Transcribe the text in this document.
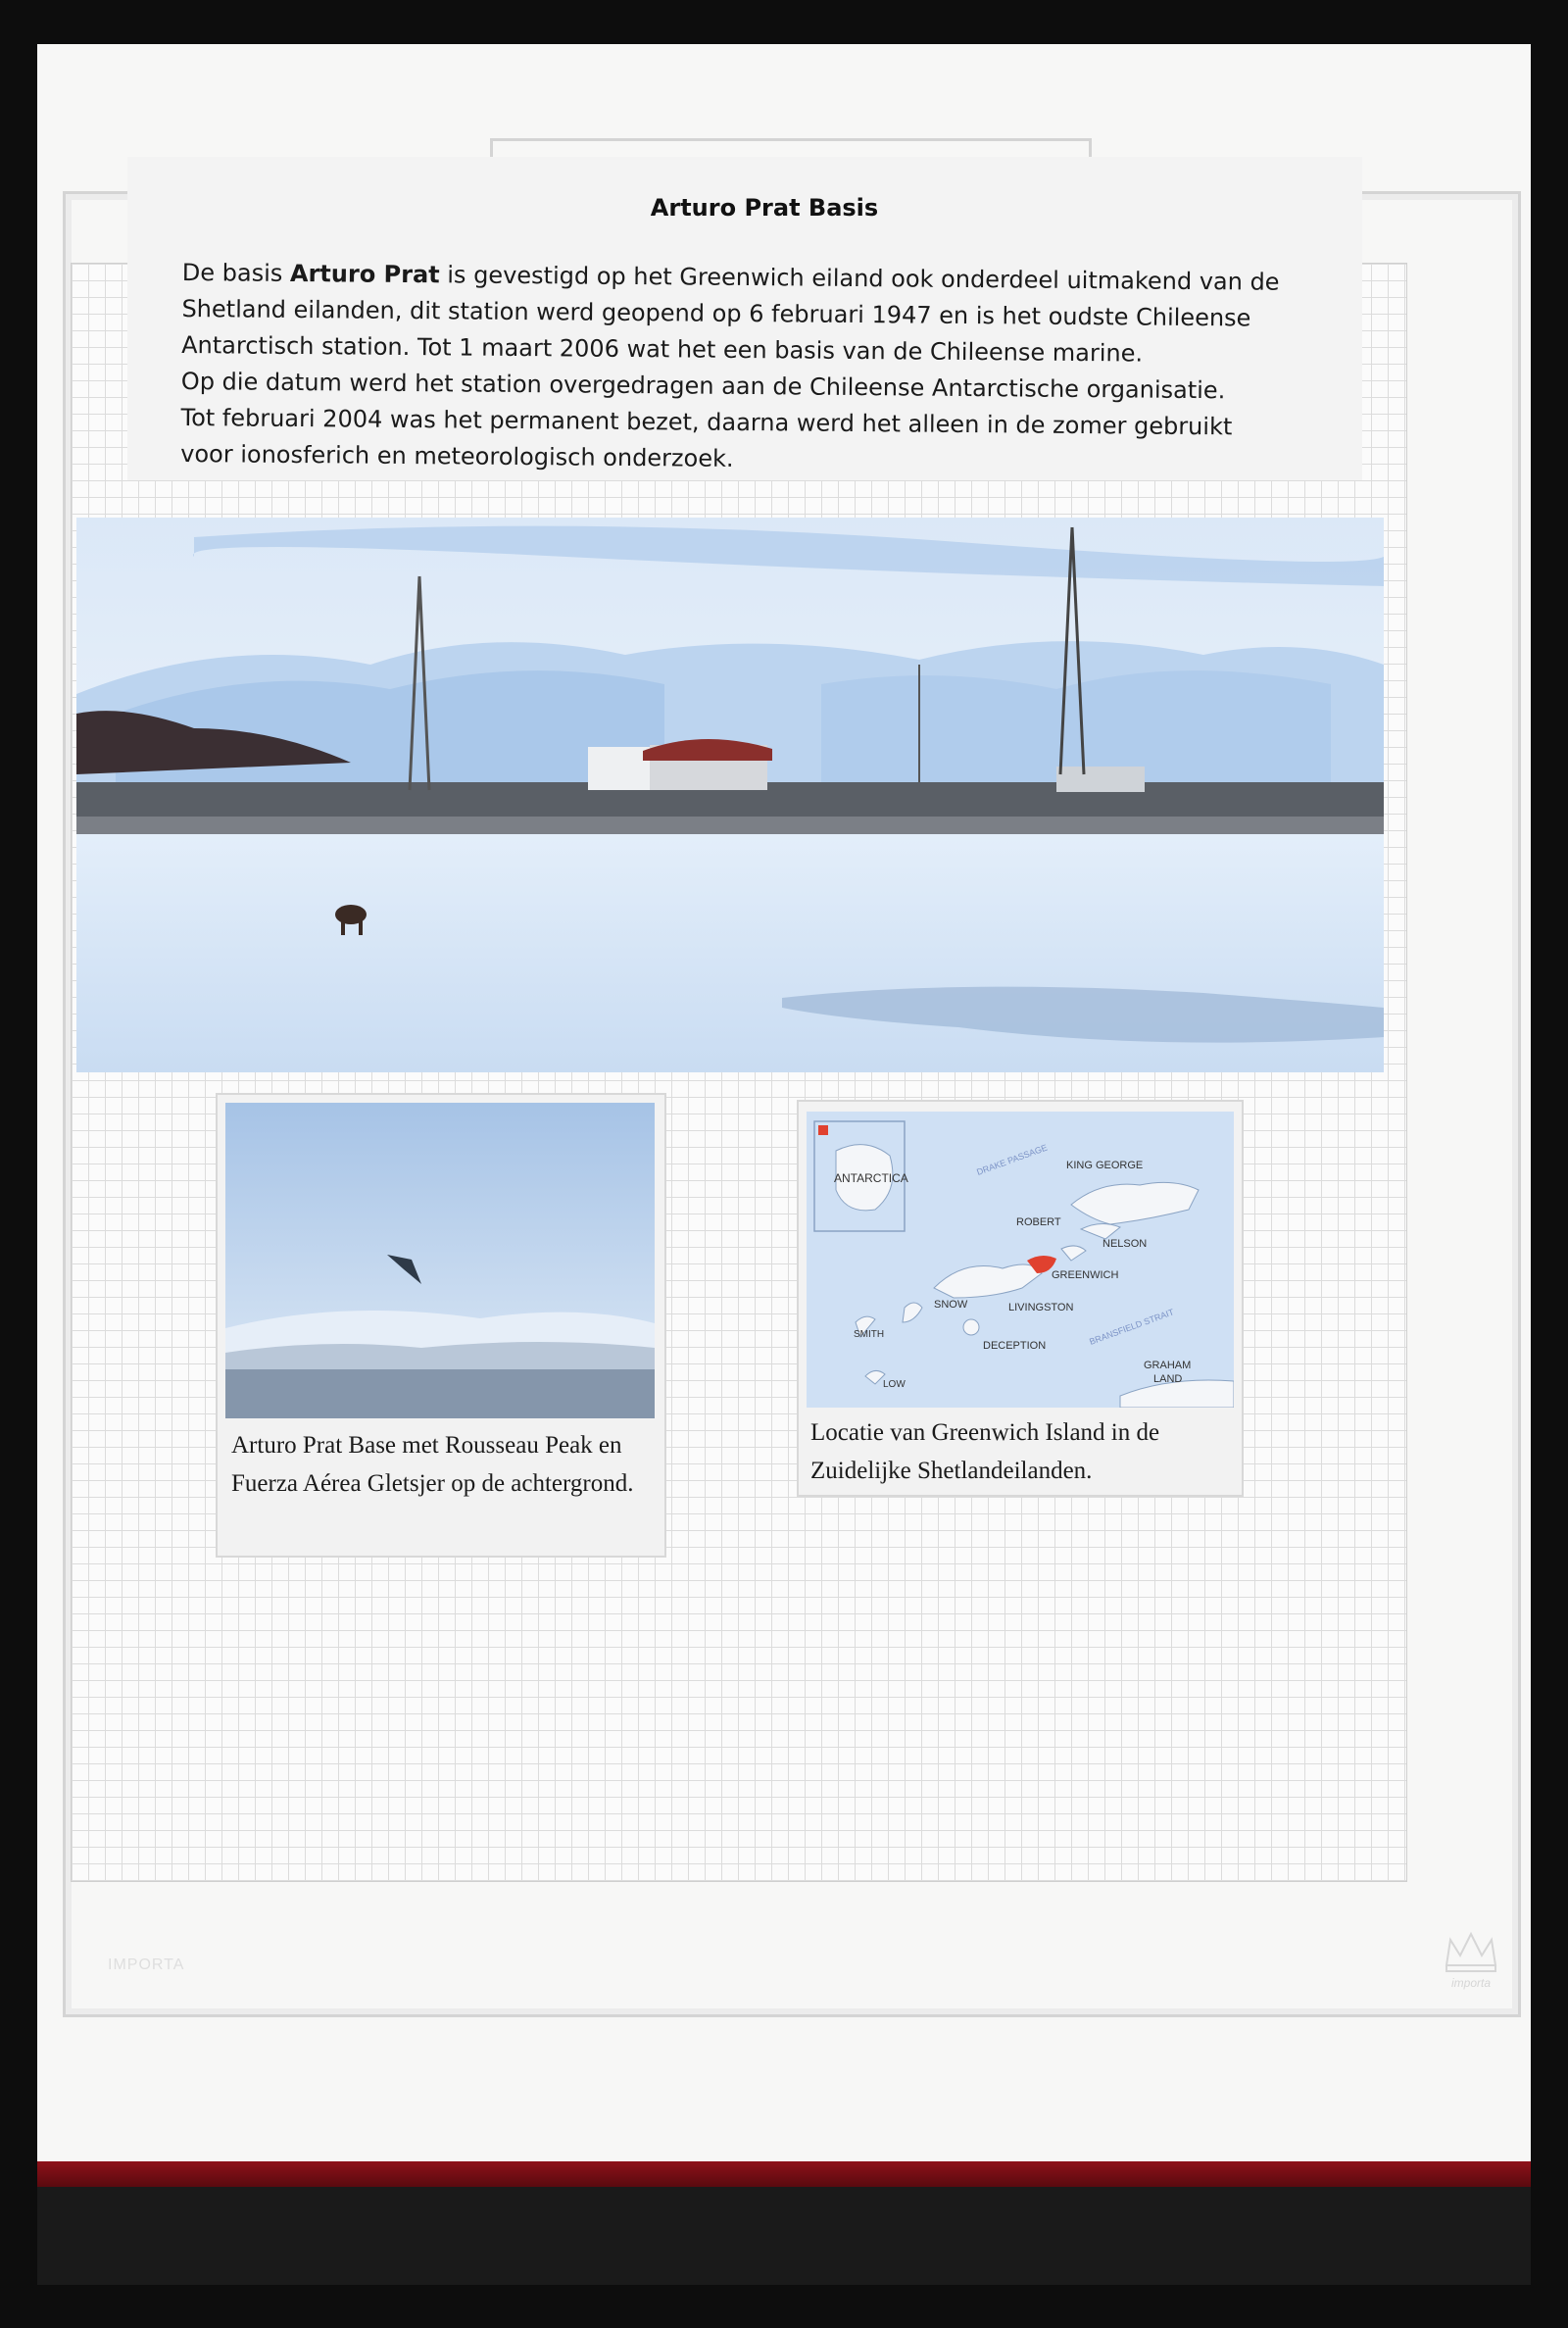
Arturo Prat Basis
De basis Arturo Prat is gevestigd op het Greenwich eiland ook onderdeel uitmakend van de
Shetland eilanden, dit station werd geopend op 6 februari 1947 en is het oudste Chileense
Antarctisch station. Tot 1 maart 2006 wat het een basis van de Chileense marine.
Op die datum werd het station overgedragen aan de Chileense Antarctische organisatie.
Tot februari 2004 was het permanent bezet, daarna werd het alleen in de zomer gebruikt
voor ionosferich en meteorologisch onderzoek.
Arturo Prat Base met Rousseau Peak en Fuerza Aérea Gletsjer op de achtergrond.
ANTARCTICA
DRAKE PASSAGE KING GEORGE
ROBERT
NELSON
GREENWICH
SNOW	LIVINGSTON
SMITH
DECEPTION	BRANSFIELD STRAIT
GRAHAM
LAND
LOW
Locatie van Greenwich Island in de Zuidelijke Shetlandeilanden.
IMPORTA
importa
